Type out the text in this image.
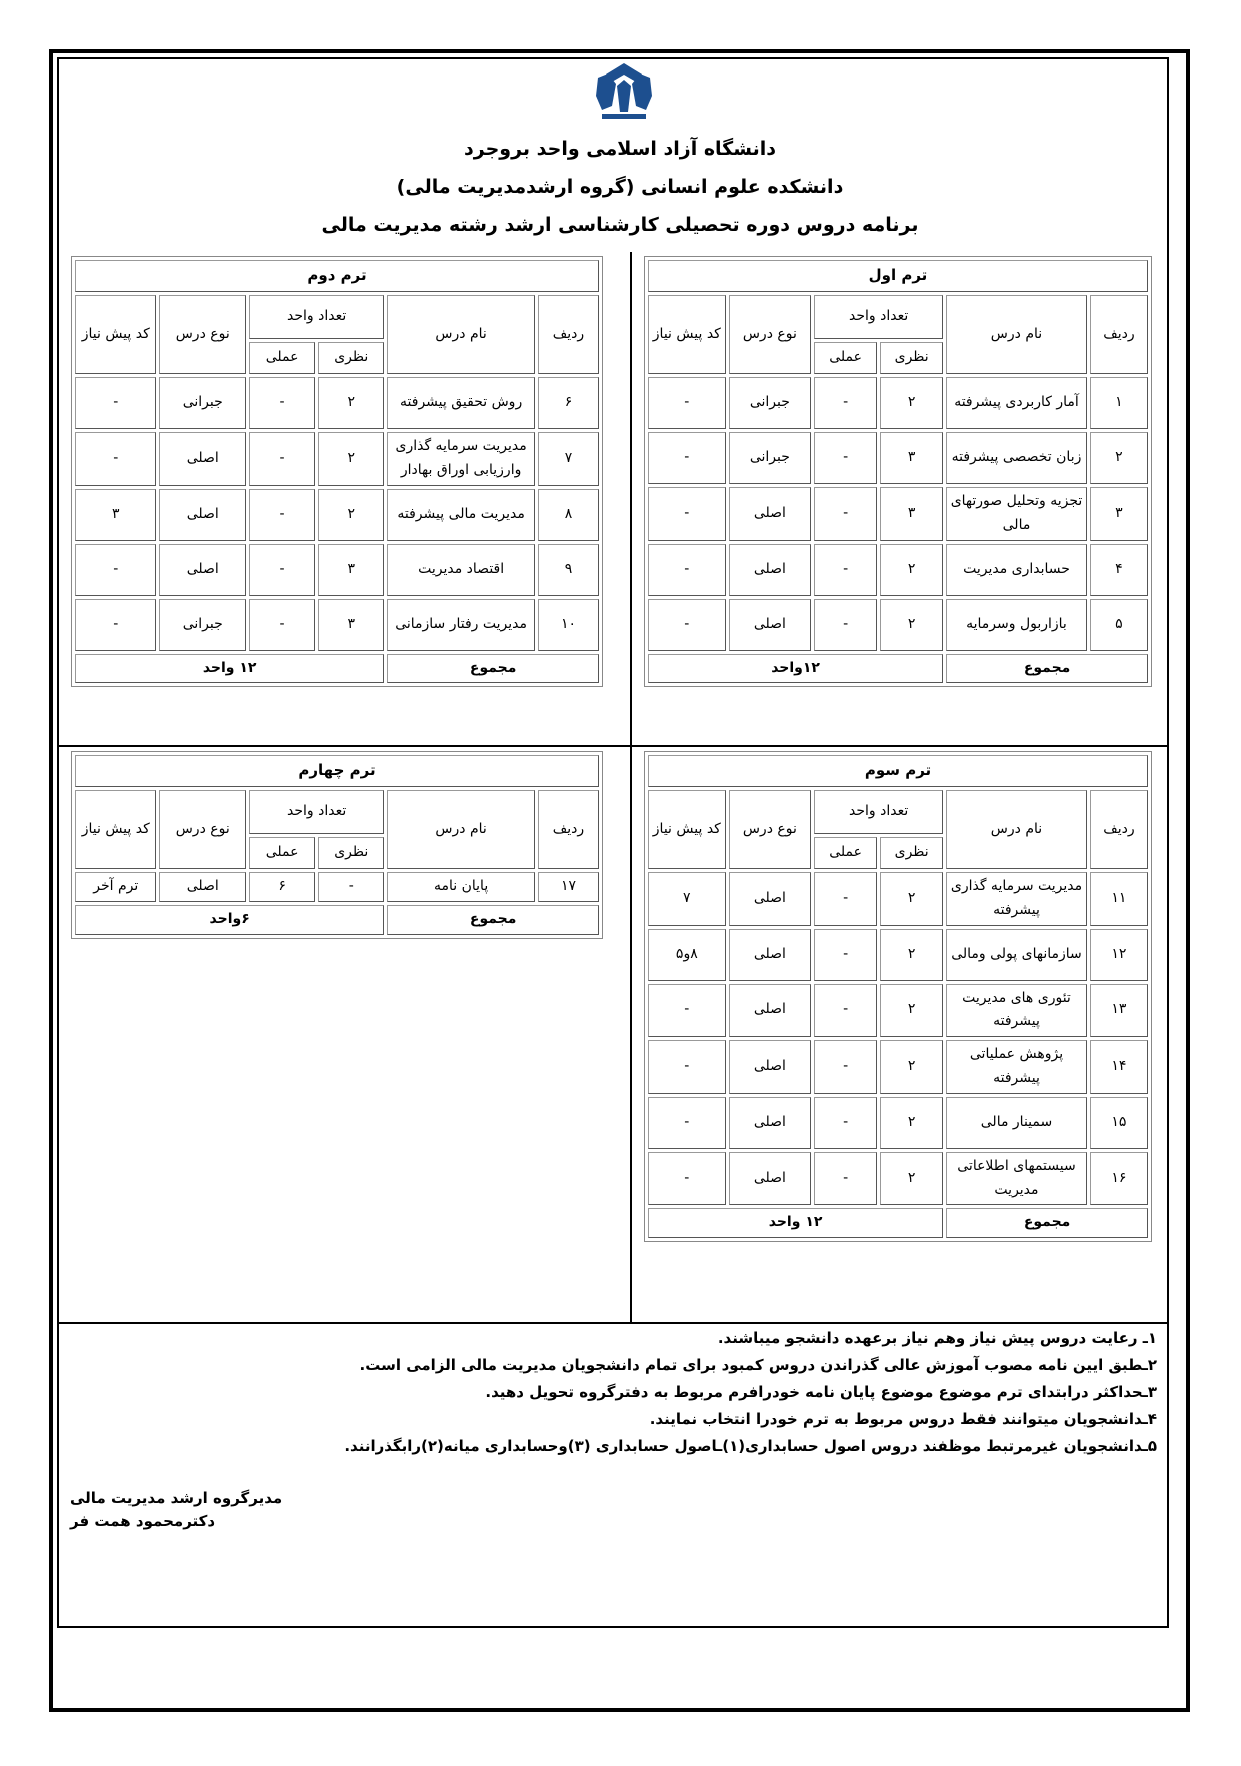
دانشگاه آزاد اسلامی واحد بروجرد
دانشکده علوم انسانی (گروه ارشدمدیریت مالی)
برنامه دروس دوره تحصیلی کارشناسی ارشد رشته مدیریت مالی
ترم اول					
ردیف	نام درس	تعداد واحد		نوع درس	کد پیش نیاز
		نظری	عملی		
۱	آمار کاربردی پیشرفته	۲	-	جبرانی	-
۲	زبان تخصصی پیشرفته	۳	-	جبرانی	-
۳	تجزیه وتحلیل صورتهای مالی	۳	-	اصلی	-
۴	حسابداری مدیریت	۲	-	اصلی	-
۵	بازاربول وسرمایه	۲	-	اصلی	-
مجموع		۱۲واحد			
ترم دوم					
ردیف	نام درس	تعداد واحد		نوع درس	کد پیش نیاز
		نظری	عملی		
۶	روش تحقیق پیشرفته	۲	-	جبرانی	-
۷	مدیریت سرمایه گذاری وارزیابی اوراق بهادار	۲	-	اصلی	-
۸	مدیریت مالی پیشرفته	۲	-	اصلی	۳
۹	اقتصاد مدیریت	۳	-	اصلی	-
۱۰	مدیریت رفتار سازمانی	۳	-	جبرانی	-
مجموع		۱۲ واحد			
ترم سوم					
ردیف	نام درس	تعداد واحد		نوع درس	کد پیش نیاز
		نظری	عملی		
۱۱	مدیریت سرمایه گذاری پیشرفته	۲	-	اصلی	۷
۱۲	سازمانهای پولی ومالی	۲	-	اصلی	۸و۵
۱۳	تئوری های مدیریت پیشرفته	۲	-	اصلی	-
۱۴	پژوهش عملیاتی پیشرفته	۲	-	اصلی	-
۱۵	سمینار مالی	۲	-	اصلی	-
۱۶	سیستمهای اطلاعاتی مدیریت	۲	-	اصلی	-
مجموع		۱۲ واحد			
ترم چهارم					
ردیف	نام درس	تعداد واحد		نوع درس	کد پیش نیاز
		نظری	عملی		
۱۷	پایان نامه	-	۶	اصلی	ترم آخر
مجموع		۶واحد			
۱ـ رعایت دروس پیش نیاز وهم نیاز برعهده دانشجو میباشند.
۲ـطبق ایین نامه مصوب آموزش عالی گذراندن دروس کمبود برای تمام دانشجویان مدیریت مالی الزامی است.
۳ـحداکثر درابتدای ترم موضوع موضوع پایان نامه خودرافرم مربوط به دفترگروه تحویل دهید.
۴ـدانشجویان میتوانند فقط دروس مربوط به ترم خودرا انتخاب نمایند.
۵ـدانشجویان غیرمرتبط موظفند دروس اصول حسابداری(۱)ـاصول حسابداری (۳)وحسابداری میانه(۲)رابگذرانند.
مدیرگروه ارشد مدیریت مالی
دکترمحمود همت فر
